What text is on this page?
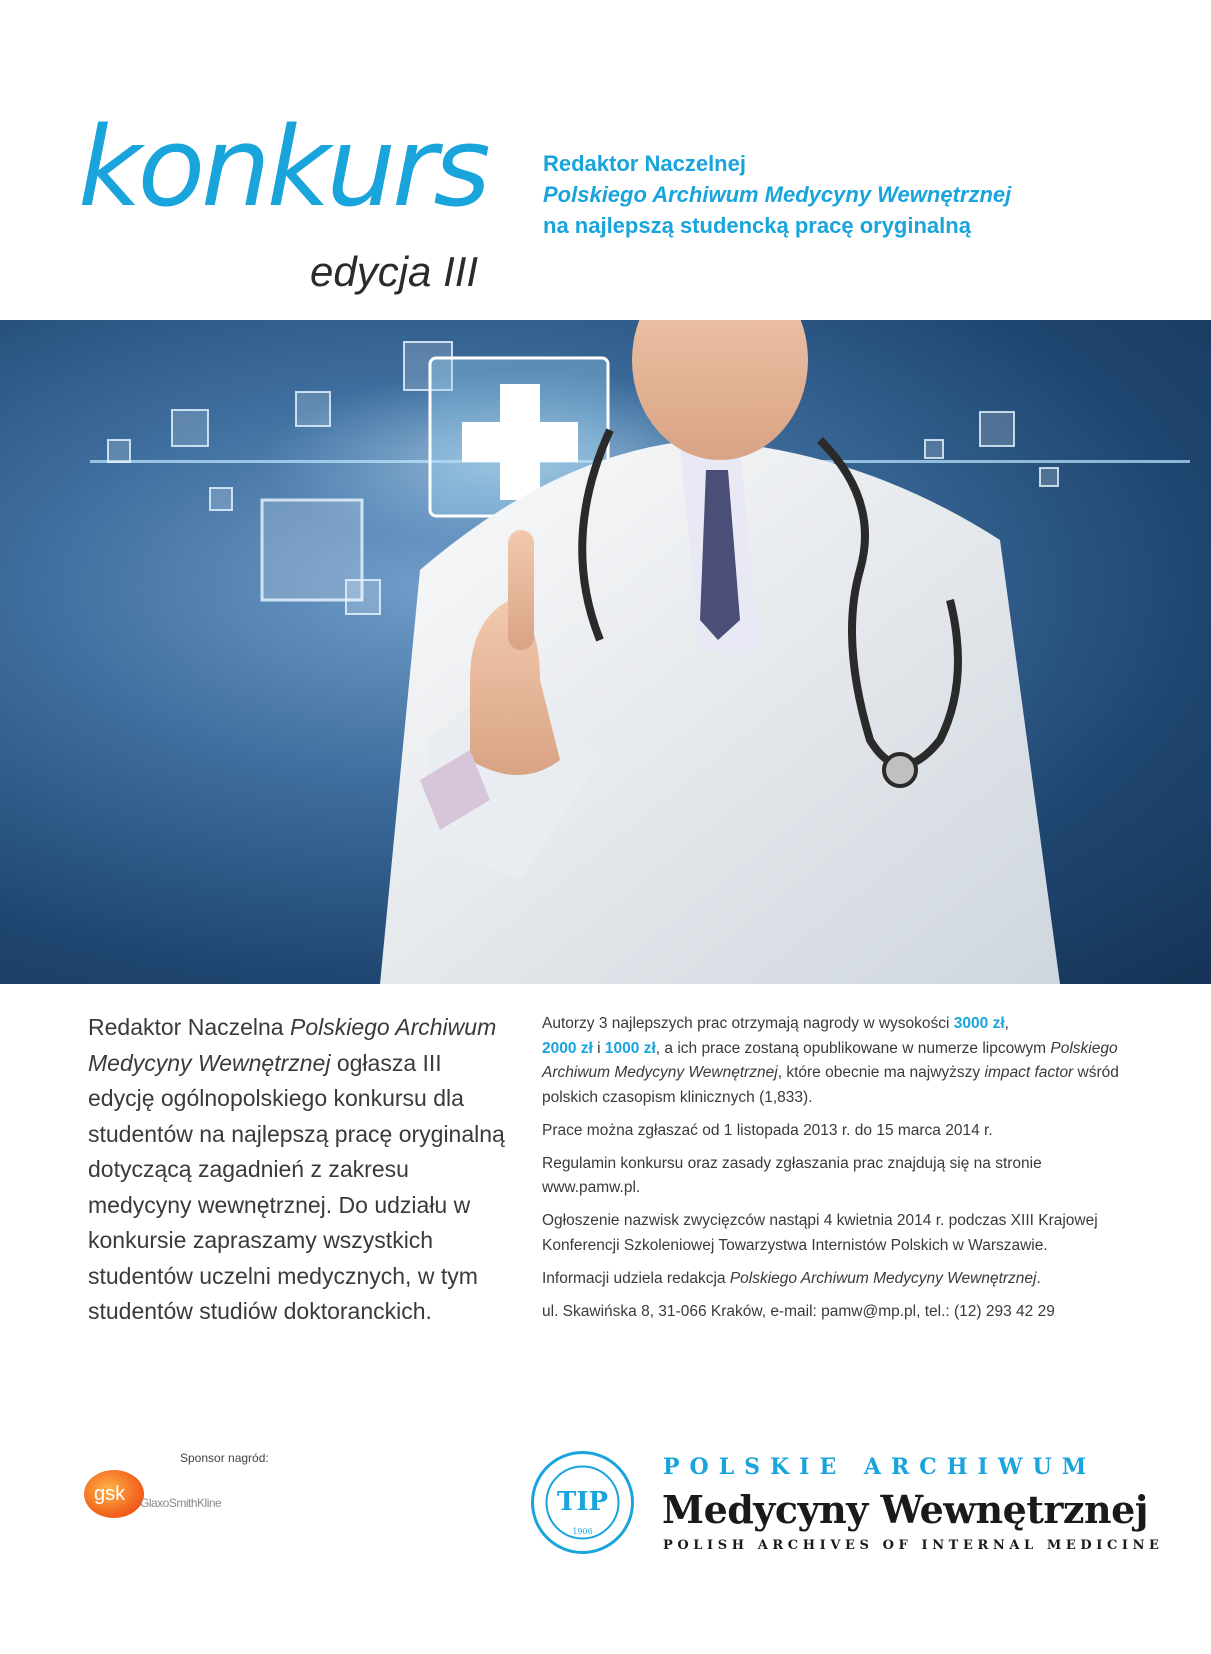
konkurs
edycja III
Redaktor Naczelnej
Polskiego Archiwum Medycyny Wewnętrznej
na najlepszą studencką pracę oryginalną
Redaktor Naczelna Polskiego Archiwum Medycyny Wewnętrznej ogłasza III edycję ogólnopolskiego konkursu dla studentów na najlepszą pracę oryginalną dotyczącą zagadnień z zakresu medycyny wewnętrznej. Do udziału w konkursie zapraszamy wszystkich studentów uczelni medycznych, w tym studentów studiów doktoranckich.

Autorzy 3 najlepszych prac otrzymają nagrody w wysokości 3000 zł,
2000 zł i 1000 zł, a ich prace zostaną opublikowane w numerze lipcowym Polskiego Archiwum Medycyny Wewnętrznej, które obecnie ma najwyższy impact factor wśród polskich czasopism klinicznych (1,833).

Prace można zgłaszać od 1 listopada 2013 r. do 15 marca 2014 r.

Regulamin konkursu oraz zasady zgłaszania prac znajdują się na stronie www.pamw.pl.

Ogłoszenie nazwisk zwycięzców nastąpi 4 kwietnia 2014 r. podczas XIII Krajowej Konferencji Szkoleniowej Towarzystwa Internistów Polskich w Warszawie.

Informacji udziela redakcja Polskiego Archiwum Medycyny Wewnętrznej.

ul. Skawińska 8, 31-066 Kraków, e-mail: pamw@mp.pl, tel.: (12) 293 42 29

Sponsor nagród:
gsk GlaxoSmithKline	TIP
1906
POLSKIE ARCHIWUM
Medycyny Wewnętrznej
POLISH ARCHIVES OF INTERNAL MEDICINE
